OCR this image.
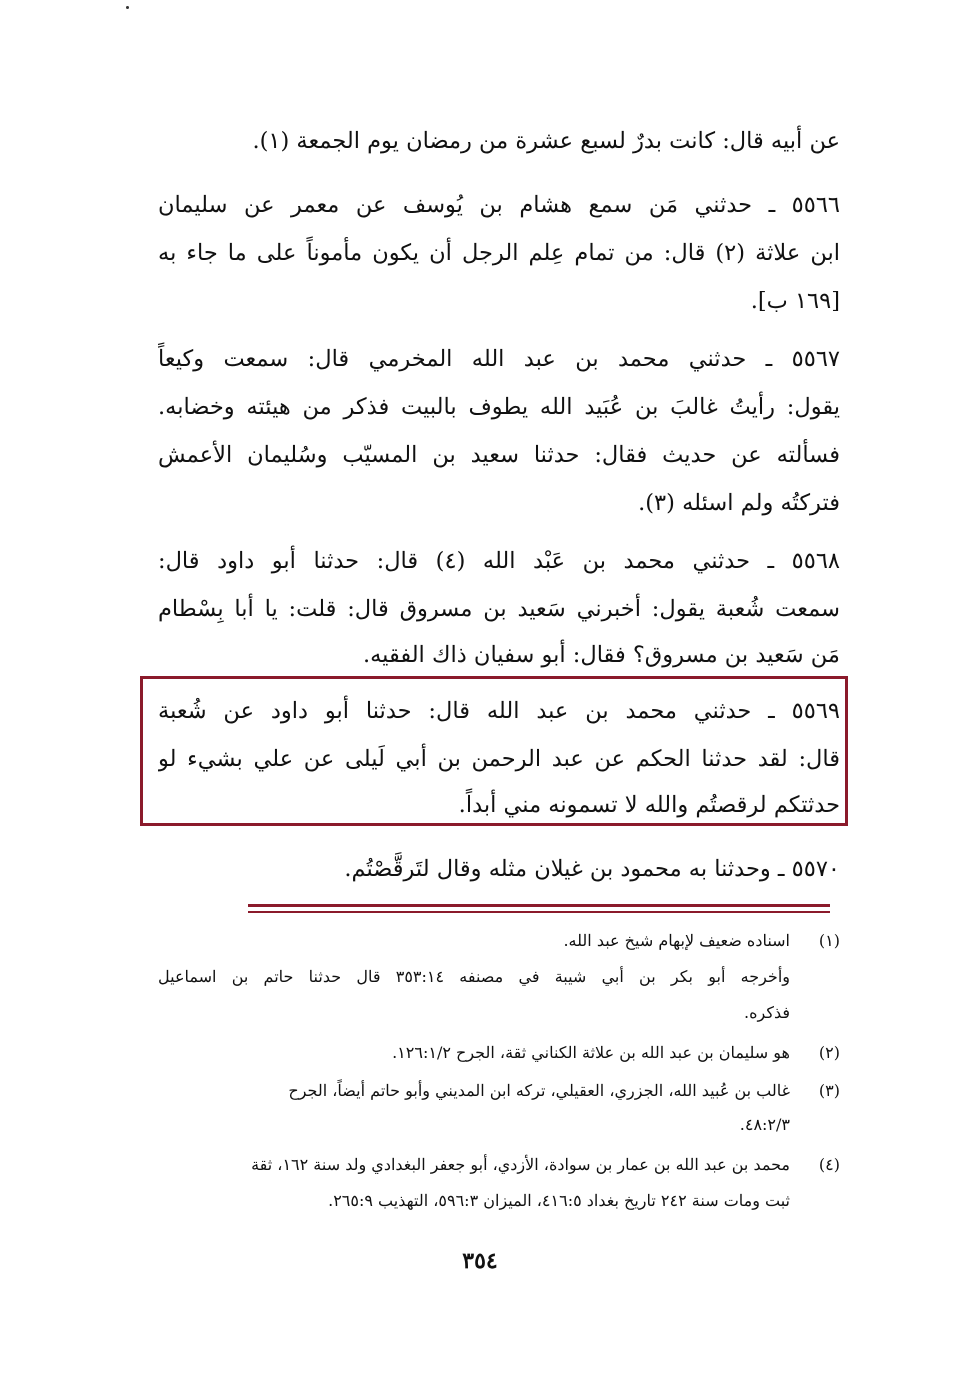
عن أبيه قال: كانت بدرٌ لسبع عشرة من رمضان يوم الجمعة (١).
٥٥٦٦ ـ حدثني مَن سمع هشام بن يُوسف عن معمر عن سليمان
ابن علاثة (٢) قال: من تمام عِلم الرجل أن يكون مأموناً على ما جاء به
[١٦٩ ب].
٥٥٦٧ ـ حدثني محمد بن عبد الله المخرمي قال: سمعت وكيعاً
يقول: رأيتُ غالبَ بن عُبَيد الله يطوف بالبيت فذكر من هيئته وخضابه.
فسألته عن حديث فقال: حدثنا سعيد بن المسيّب وسُليمان الأعمش
فتركتُه ولم اسئله (٣).
٥٥٦٨ ـ حدثني محمد بن عَبْد الله (٤) قال: حدثنا أبو داود قال:
سمعت شُعبة يقول: أخبرني سَعيد بن مسروق قال: قلت: يا أبا بِسْطام
مَن سَعيد بن مسروق؟ فقال: أبو سفيان ذاك الفقيه.
٥٥٦٩ ـ حدثني محمد بن عبد الله قال: حدثنا أبو داود عن شُعبة
قال: لقد حدثنا الحكم عن عبد الرحمن بن أبي لَيلى عن علي بشيء لو
حدثتكم لرقصتُم والله لا تسمونه مني أبداً.
٥٥٧٠ ـ وحدثنا به محمود بن غيلان مثله وقال لتَرقَّصْتُم.
(١)اسناده ضعيف لإبهام شيخ عبد الله.
وأخرجه أبو بكر بن أبي شيبة في مصنفه ٣٥٣:١٤ قال حدثنا حاتم بن اسماعيل
فذكره.
(٢)هو سليمان بن عبد الله بن علاثة الكناني ثقة، الجرح ١٢٦:١/٢.
(٣)غالب بن عُبيد الله، الجزري، العقيلي، تركه ابن المديني وأبو حاتم أيضاً، الجرح
٤٨:٢/٣.
(٤)محمد بن عبد الله بن عمار بن سوادة، الأزدي، أبو جعفر البغدادي ولد سنة ١٦٢، ثقة
ثبت ومات سنة ٢٤٢ تاريخ بغداد ٤١٦:٥، الميزان ٥٩٦:٣، التهذيب ٢٦٥:٩.
٣٥٤
